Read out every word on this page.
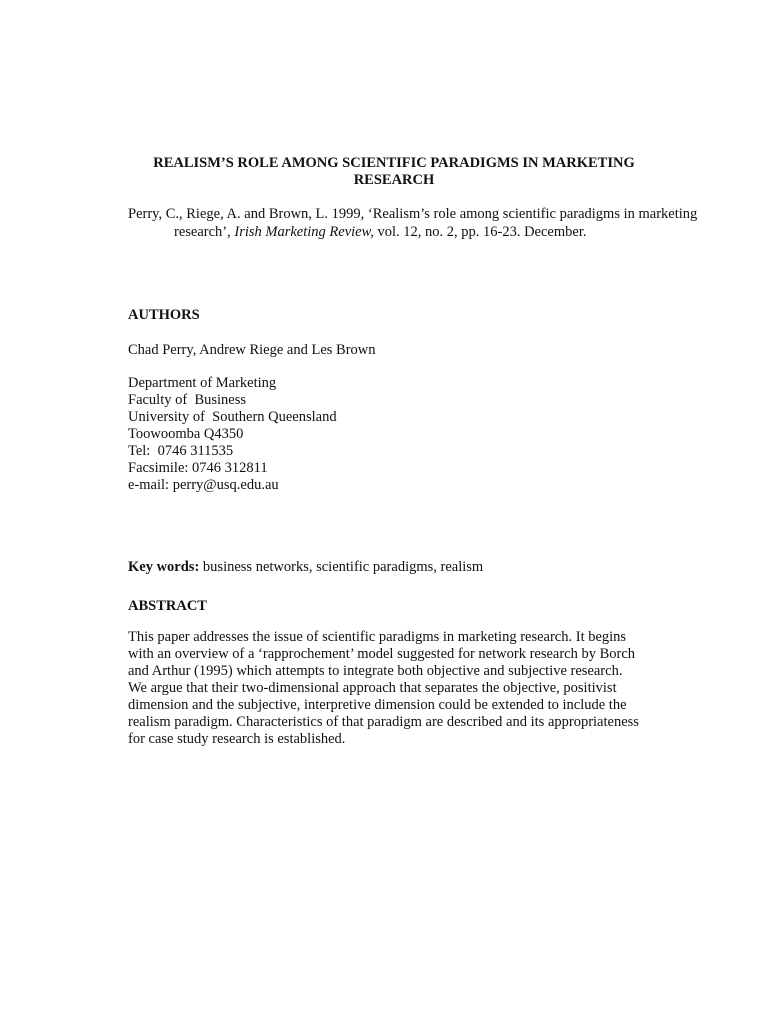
REALISM’S ROLE AMONG SCIENTIFIC PARADIGMS IN MARKETING
RESEARCH

Perry, C., Riege, A. and Brown, L. 1999, ‘Realism’s role among scientific paradigms in marketing research’, Irish Marketing Review, vol. 12, no. 2, pp. 16-23. December.

AUTHORS

Chad Perry, Andrew Riege and Les Brown

Department of Marketing
Faculty of  Business
University of  Southern Queensland
Toowoomba Q4350
Tel:  0746 311535
Facsimile: 0746 312811
e-mail: perry@usq.edu.au

Key words: business networks, scientific paradigms, realism

ABSTRACT

This paper addresses the issue of scientific paradigms in marketing research. It begins
with an overview of a ‘rapprochement’ model suggested for network research by Borch
and Arthur (1995) which attempts to integrate both objective and subjective research.
We argue that their two-dimensional approach that separates the objective, positivist
dimension and the subjective, interpretive dimension could be extended to include the
realism paradigm. Characteristics of that paradigm are described and its appropriateness
for case study research is established.
